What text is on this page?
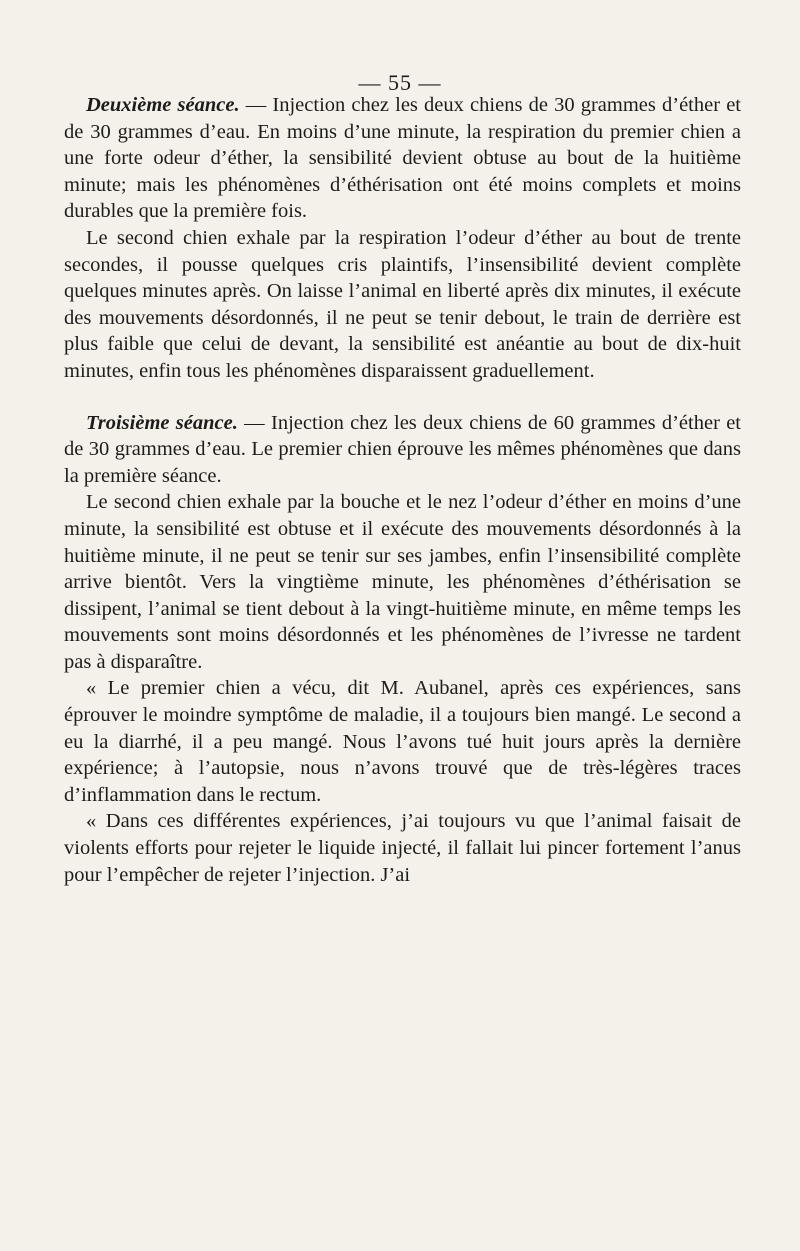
— 55 —

Deuxième séance. — Injection chez les deux chiens de 30 grammes d’éther et de 30 grammes d’eau. En moins d’une minute, la respiration du premier chien a une forte odeur d’éther, la sensibilité devient obtuse au bout de la huitième minute; mais les phénomènes d’éthérisation ont été moins complets et moins durables que la première fois.

Le second chien exhale par la respiration l’odeur d’éther au bout de trente secondes, il pousse quelques cris plaintifs, l’insensibilité devient complète quelques minutes après. On laisse l’animal en liberté après dix minutes, il exécute des mouvements désordonnés, il ne peut se tenir debout, le train de derrière est plus faible que celui de devant, la sensibilité est anéantie au bout de dix-huit minutes, enfin tous les phénomènes disparaissent graduellement.

Troisième séance. — Injection chez les deux chiens de 60 grammes d’éther et de 30 grammes d’eau. Le premier chien éprouve les mêmes phénomènes que dans la première séance.

Le second chien exhale par la bouche et le nez l’odeur d’éther en moins d’une minute, la sensibilité est obtuse et il exécute des mouvements désordonnés à la huitième minute, il ne peut se tenir sur ses jambes, enfin l’insensibilité complète arrive bientôt. Vers la vingtième minute, les phénomènes d’éthérisation se dissipent, l’animal se tient debout à la vingt-huitième minute, en même temps les mouvements sont moins désordonnés et les phénomènes de l’ivresse ne tardent pas à disparaître.

« Le premier chien a vécu, dit M. Aubanel, après ces expériences, sans éprouver le moindre symptôme de maladie, il a toujours bien mangé. Le second a eu la diarrhé, il a peu mangé. Nous l’avons tué huit jours après la dernière expérience; à l’autopsie, nous n’avons trouvé que de très-légères traces d’inflammation dans le rectum.

« Dans ces différentes expériences, j’ai toujours vu que l’animal faisait de violents efforts pour rejeter le liquide injecté, il fallait lui pincer fortement l’anus pour l’empêcher de rejeter l’injection. J’ai
